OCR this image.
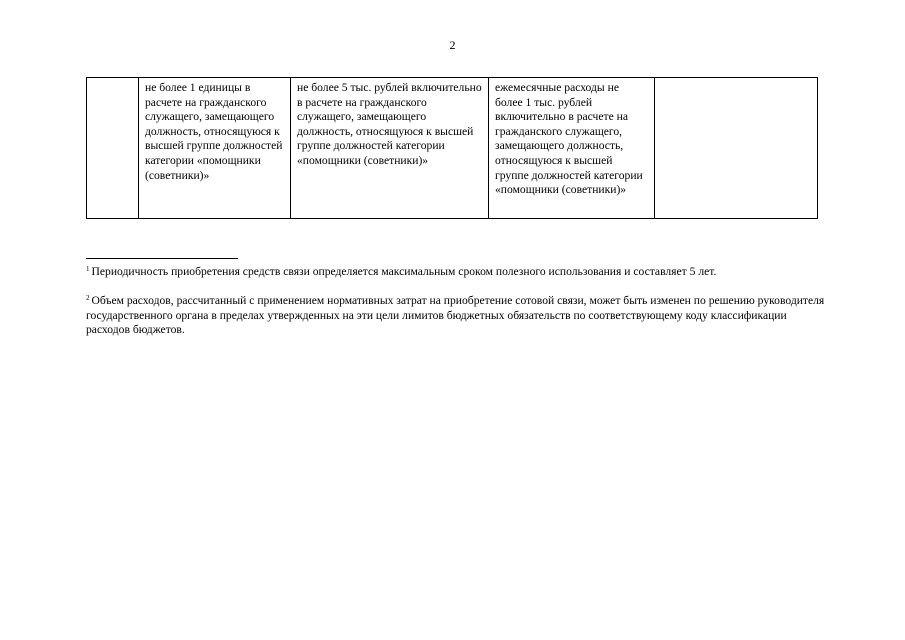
2
	не более 1 единицы в расчете на гражданского служащего, замещающего должность, относящуюся к высшей группе должностей категории «помощники (советники)»	не более 5 тыс. рублей включительно в расчете на гражданского служащего, замещающего должность, относящуюся к высшей группе должностей категории «помощники (советники)»	ежемесячные расходы не более 1 тыс. рублей включительно в расчете на гражданского служащего, замещающего должность, относящуюся к высшей группе должностей категории «помощники (советники)»	
$^1$ Периодичность приобретения средств связи определяется максимальным сроком полезного использования и составляет 5 лет.
$^2$ Объем расходов, рассчитанный с применением нормативных затрат на приобретение сотовой связи, может быть изменен по решению руководителя государственного органа в пределах утвержденных на эти цели лимитов бюджетных обязательств по соответствующему коду классификации расходов бюджетов.
